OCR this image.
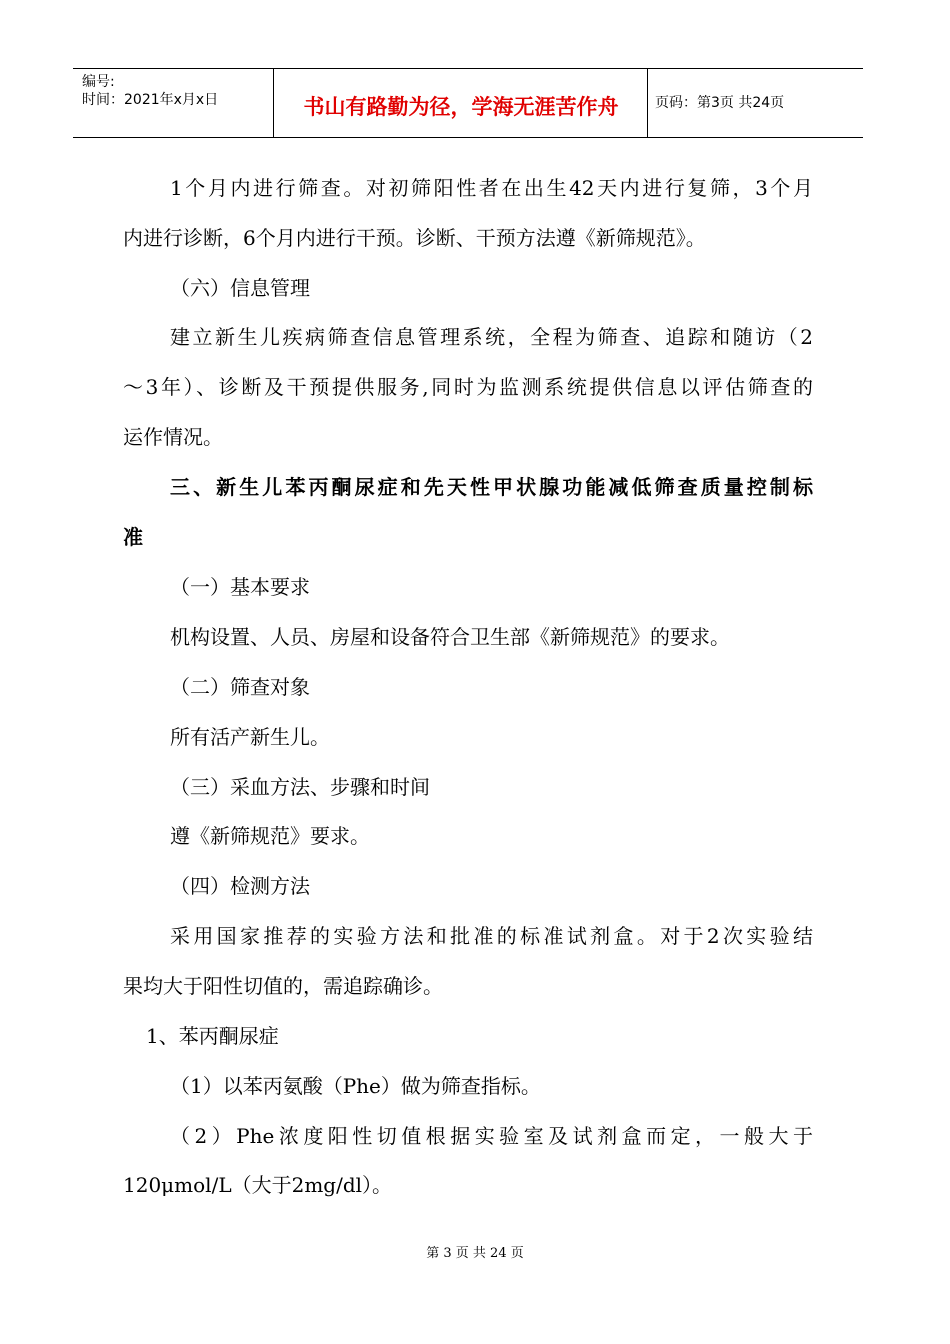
编号:
时间：2021年x月x日	书山有路勤为径，学海无涯苦作舟	页码：第3页 共24页
1个月内进行筛查。对初筛阳性者在出生42天内进行复筛，3个月
内进行诊断，6个月内进行干预。诊断、干预方法遵《新筛规范》。
（六）信息管理
建立新生儿疾病筛查信息管理系统，全程为筛查、追踪和随访（2
～3年）、诊断及干预提供服务,同时为监测系统提供信息以评估筛查的
运作情况。
三、新生儿苯丙酮尿症和先天性甲状腺功能减低筛查质量控制标
准
（一）基本要求
机构设置、人员、房屋和设备符合卫生部《新筛规范》的要求。
（二）筛查对象
所有活产新生儿。
（三）采血方法、步骤和时间
遵《新筛规范》要求。
（四）检测方法
采用国家推荐的实验方法和批准的标准试剂盒。对于2次实验结
果均大于阳性切值的，需追踪确诊。
1、苯丙酮尿症
（1）以苯丙氨酸（Phe）做为筛查指标。
（2）Phe浓度阳性切值根据实验室及试剂盒而定，一般大于
120μmol/L（大于2mg/dl）。
第 3 页 共 24 页
